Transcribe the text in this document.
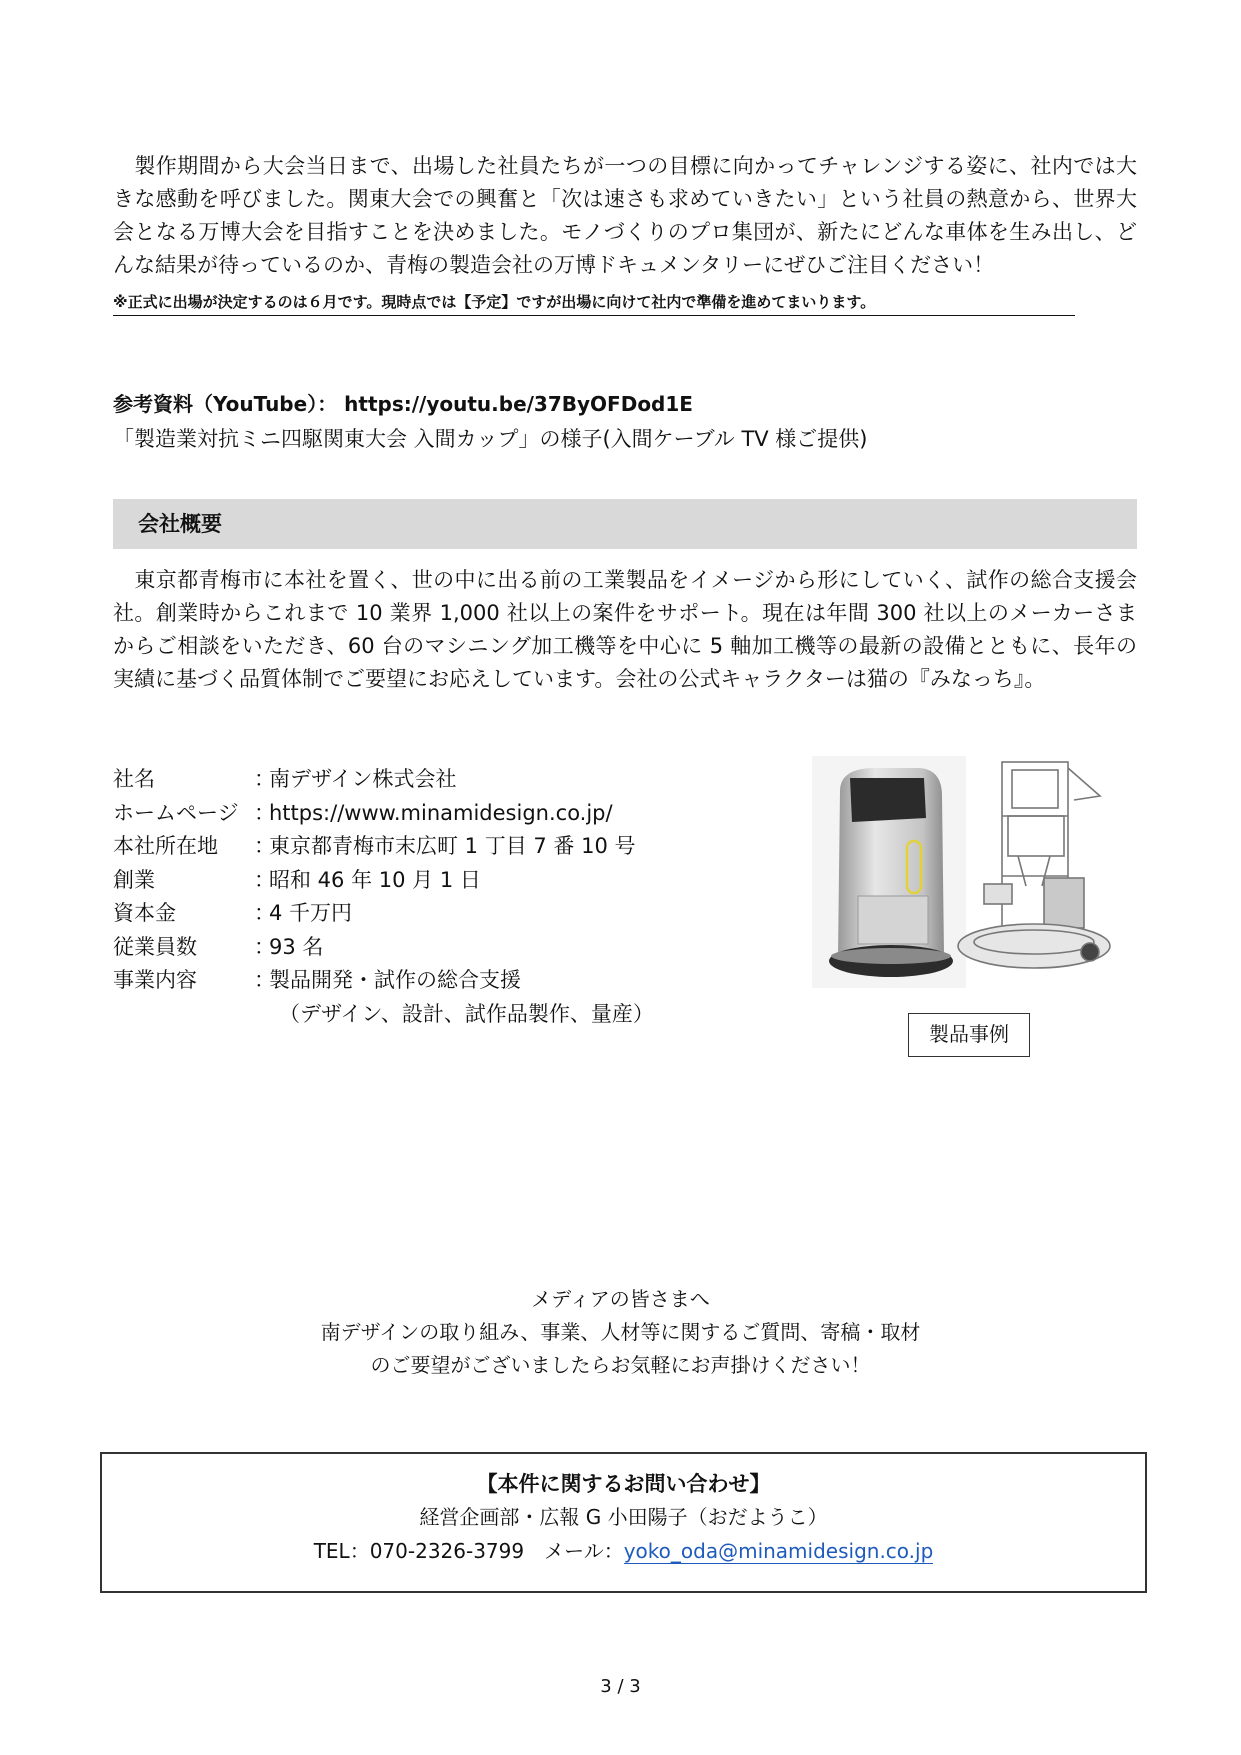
　製作期間から大会当日まで、出場した社員たちが一つの目標に向かってチャレンジする姿に、社内では大きな感動を呼びました。関東大会での興奮と「次は速さも求めていきたい」という社員の熱意から、世界大会となる万博大会を目指すことを決めました。モノづくりのプロ集団が、新たにどんな車体を生み出し、どんな結果が待っているのか、青梅の製造会社の万博ドキュメンタリーにぜひご注目ください！

※正式に出場が決定するのは６月です。現時点では【予定】ですが出場に向けて社内で準備を進めてまいります。
参考資料（YouTube）： https://youtu.be/37ByOFDod1E
「製造業対抗ミニ四駆関東大会 入間カップ」の様子(入間ケーブル TV 様ご提供)
会社概要

　東京都青梅市に本社を置く、世の中に出る前の工業製品をイメージから形にしていく、試作の総合支援会社。創業時からこれまで 10 業界 1,000 社以上の案件をサポート。現在は年間 300 社以上のメーカーさまからご相談をいただき、60 台のマシニング加工機等を中心に 5 軸加工機等の最新の設備とともに、長年の実績に基づく品質体制でご要望にお応えしています。会社の公式キャラクターは猫の『みなっち』。

社名	：
南デザイン株式会社
ホームページ ：
https://www.minamidesign.co.jp/
本社所在地	：
東京都青梅市末広町 1 丁目 7 番 10 号
創業	：
昭和 46 年 10 月 1 日
資本金	：
4 千万円
従業員数	：
93 名
事業内容	：
製品開発・試作の総合支援
（デザイン、設計、試作品製作、量産）
製品事例
メディアの皆さまへ
南デザインの取り組み、事業、人材等に関するご質問、寄稿・取材
のご要望がございましたらお気軽にお声掛けください！
【本件に関するお問い合わせ】
経営企画部・広報 G 小田陽子（おだようこ）
TEL：070-2326-3799　メール：yoko_oda@minamidesign.co.jp
3 / 3
